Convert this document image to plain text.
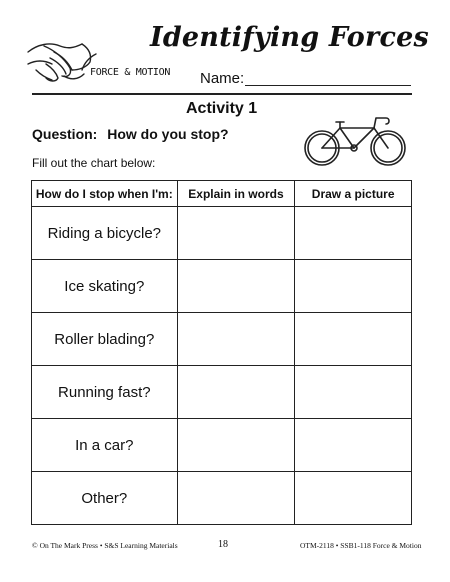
Identifying Forces
FORCE & MOTION Name:
Activity 1
Question: How do you stop?
Fill out the chart below:
How do I stop when I'm:	Explain in words	Draw a picture
Riding a bicycle?		
Ice skating?		
Roller blading?		
Running fast?		
In a car?		
Other?		
© On The Mark Press • S&S Learning Materials	18	OTM-2118 • SSB1-118 Force & Motion
